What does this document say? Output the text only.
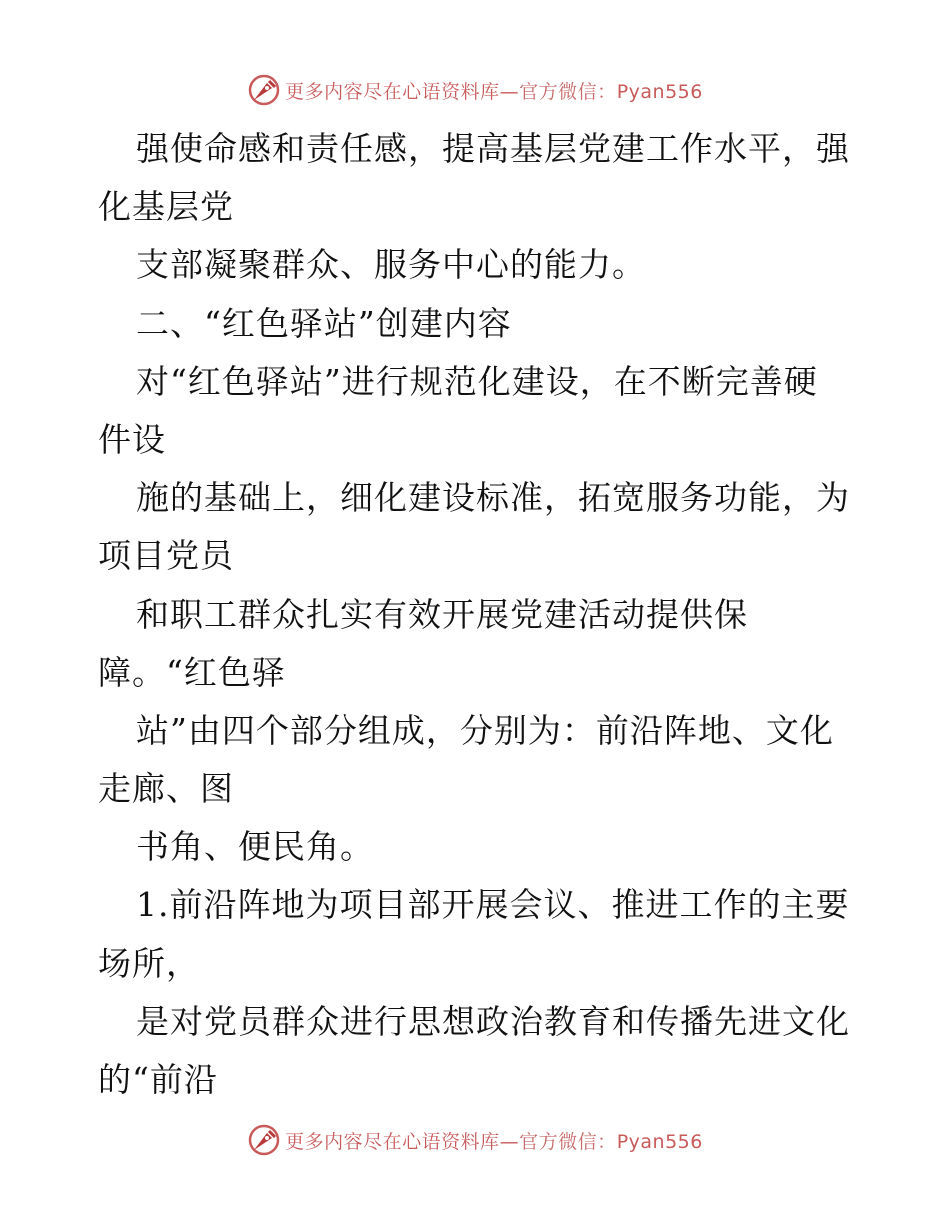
更多内容尽在心语资料库—官方微信：Pyan556
强使命感和责任感，提高基层党建工作水平，强
化基层党
支部凝聚群众、服务中心的能力。
二、“红色驿站”创建内容
对“红色驿站”进行规范化建设，在不断完善硬
件设
施的基础上，细化建设标准，拓宽服务功能，为
项目党员
和职工群众扎实有效开展党建活动提供保
障。“红色驿
站”由四个部分组成，分别为：前沿阵地、文化
走廊、图
书角、便民角。
1.前沿阵地为项目部开展会议、推进工作的主要
场所，
是对党员群众进行思想政治教育和传播先进文化
的“前沿
更多内容尽在心语资料库—官方微信：Pyan556
